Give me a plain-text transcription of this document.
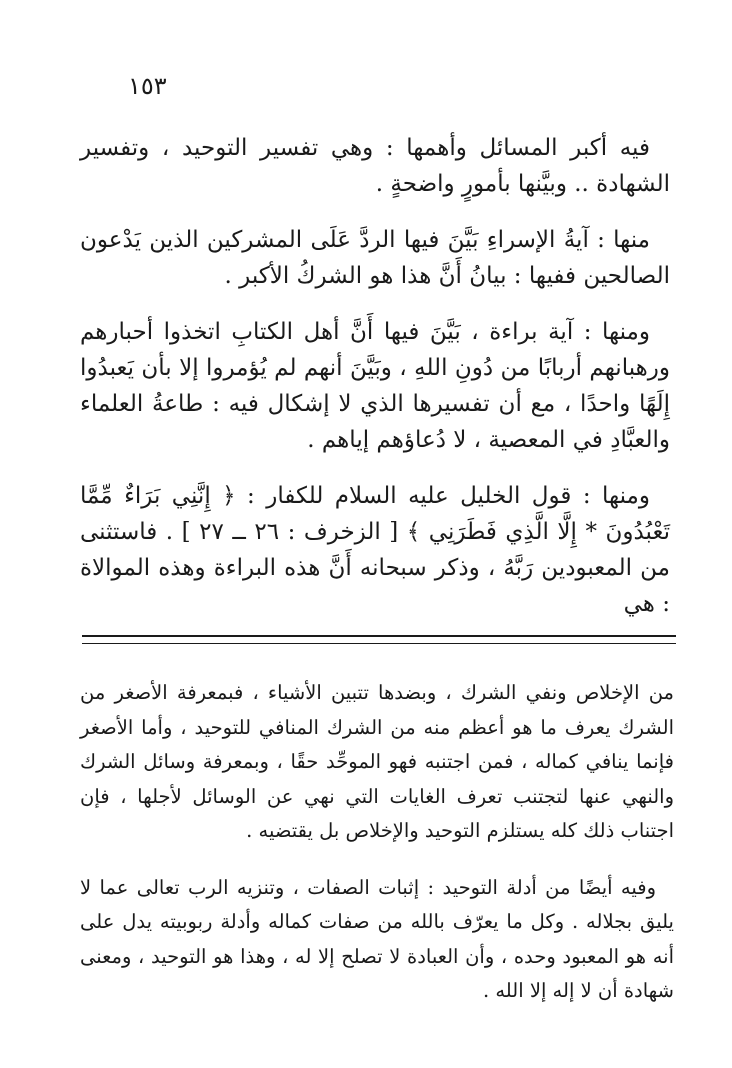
١٥٣

فيه أكبر المسائل وأهمها : وهي تفسير التوحيد ، وتفسير الشهادة .. وبيَّنها بأمورٍ واضحةٍ .

منها : آيةُ الإسراءِ بَيَّنَ فيها الردَّ عَلَى المشركين الذين يَدْعون الصالحين ففيها : بيانُ أَنَّ هذا هو الشركُ الأكبر .

ومنها : آية براءة ، بَيَّنَ فيها أَنَّ أهل الكتابِ اتخذوا أحبارهم ورهبانهم أربابًا من دُونِ اللهِ ، وبَيَّنَ أنهم لم يُؤمروا إلا بأن يَعبدُوا إِلَهًا واحدًا ، مع أن تفسيرها الذي لا إشكال فيه : طاعةُ العلماء والعبَّادِ في المعصية ، لا دُعاؤهم إياهم .

ومنها : قول الخليل عليه السلام للكفار : ﴿ إِنَّنِي بَرَاءٌ مِّمَّا تَعْبُدُونَ * إِلَّا الَّذِي فَطَرَنِي ﴾ [ الزخرف : ٢٦ ــ ٢٧ ] . فاستثنى من المعبودين رَبَّهُ ، وذكر سبحانه أَنَّ هذه البراءة وهذه الموالاة : هي

من الإخلاص ونفي الشرك ، وبضدها تتبين الأشياء ، فبمعرفة الأصغر من الشرك يعرف ما هو أعظم منه من الشرك المنافي للتوحيد ، وأما الأصغر فإنما ينافي كماله ، فمن اجتنبه فهو الموحِّد حقًا ، وبمعرفة وسائل الشرك والنهي عنها لتجتنب تعرف الغايات التي نهي عن الوسائل لأجلها ، فإن اجتناب ذلك كله يستلزم التوحيد والإخلاص بل يقتضيه .

وفيه أيضًا من أدلة التوحيد : إثبات الصفات ، وتنزيه الرب تعالى عما لا يليق بجلاله . وكل ما يعرّف بالله من صفات كماله وأدلة ربوبيته يدل على أنه هو المعبود وحده ، وأن العبادة لا تصلح إلا له ، وهذا هو التوحيد ، ومعنى شهادة أن لا إله إلا الله .
